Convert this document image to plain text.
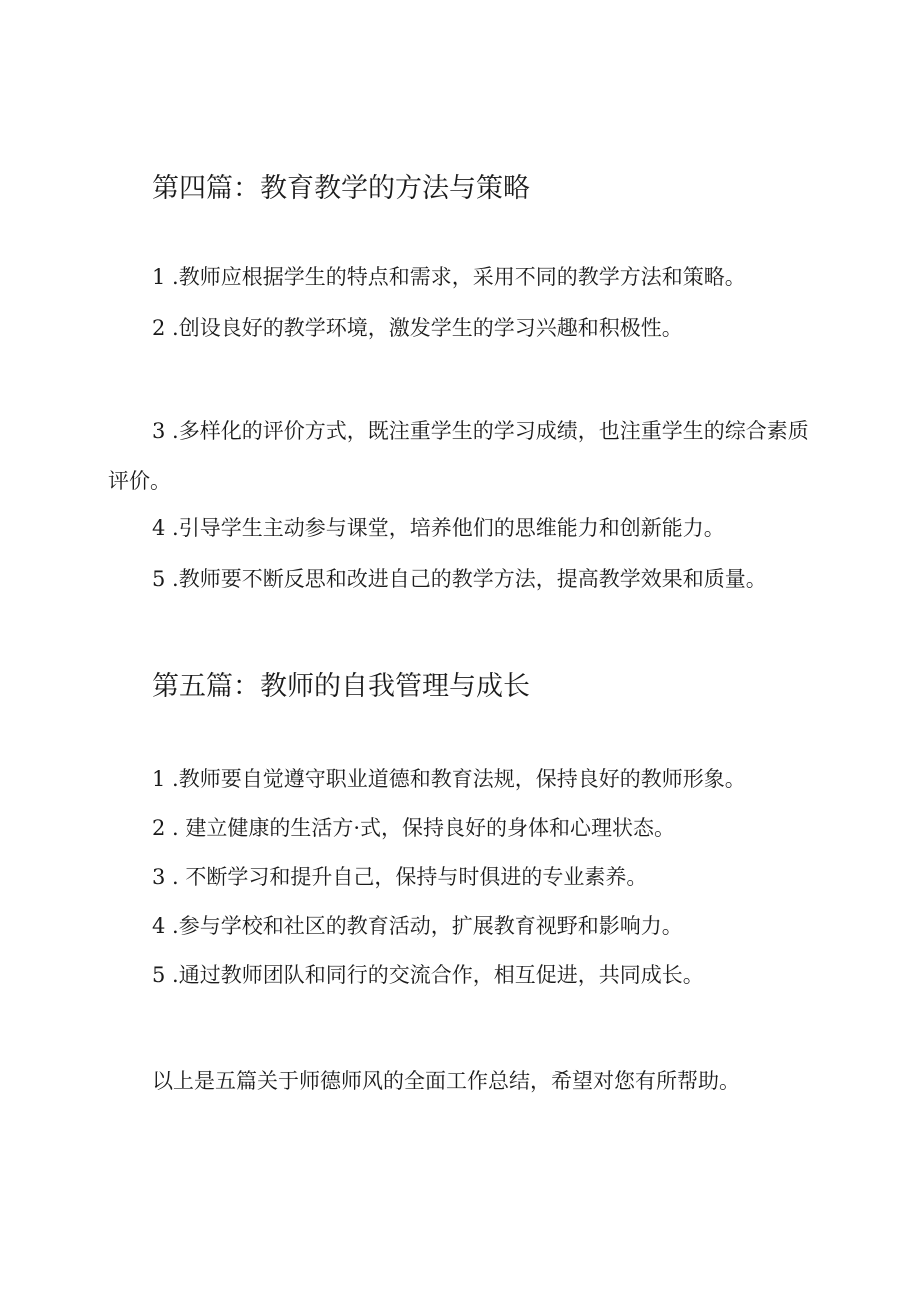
第四篇：教育教学的方法与策略

1 .教师应根据学生的特点和需求，采用不同的教学方法和策略。

2 .创设良好的教学环境，激发学生的学习兴趣和积极性。

3 .多样化的评价方式，既注重学生的学习成绩，也注重学生的综合素质评价。

4 .引导学生主动参与课堂，培养他们的思维能力和创新能力。

5 .教师要不断反思和改进自己的教学方法，提高教学效果和质量。

第五篇：教师的自我管理与成长

1 .教师要自觉遵守职业道德和教育法规，保持良好的教师形象。

2 . 建立健康的生活方·式，保持良好的身体和心理状态。

3 . 不断学习和提升自己，保持与时俱进的专业素养。

4 .参与学校和社区的教育活动，扩展教育视野和影响力。

5 .通过教师团队和同行的交流合作，相互促进，共同成长。

以上是五篇关于师德师风的全面工作总结，希望对您有所帮助。
